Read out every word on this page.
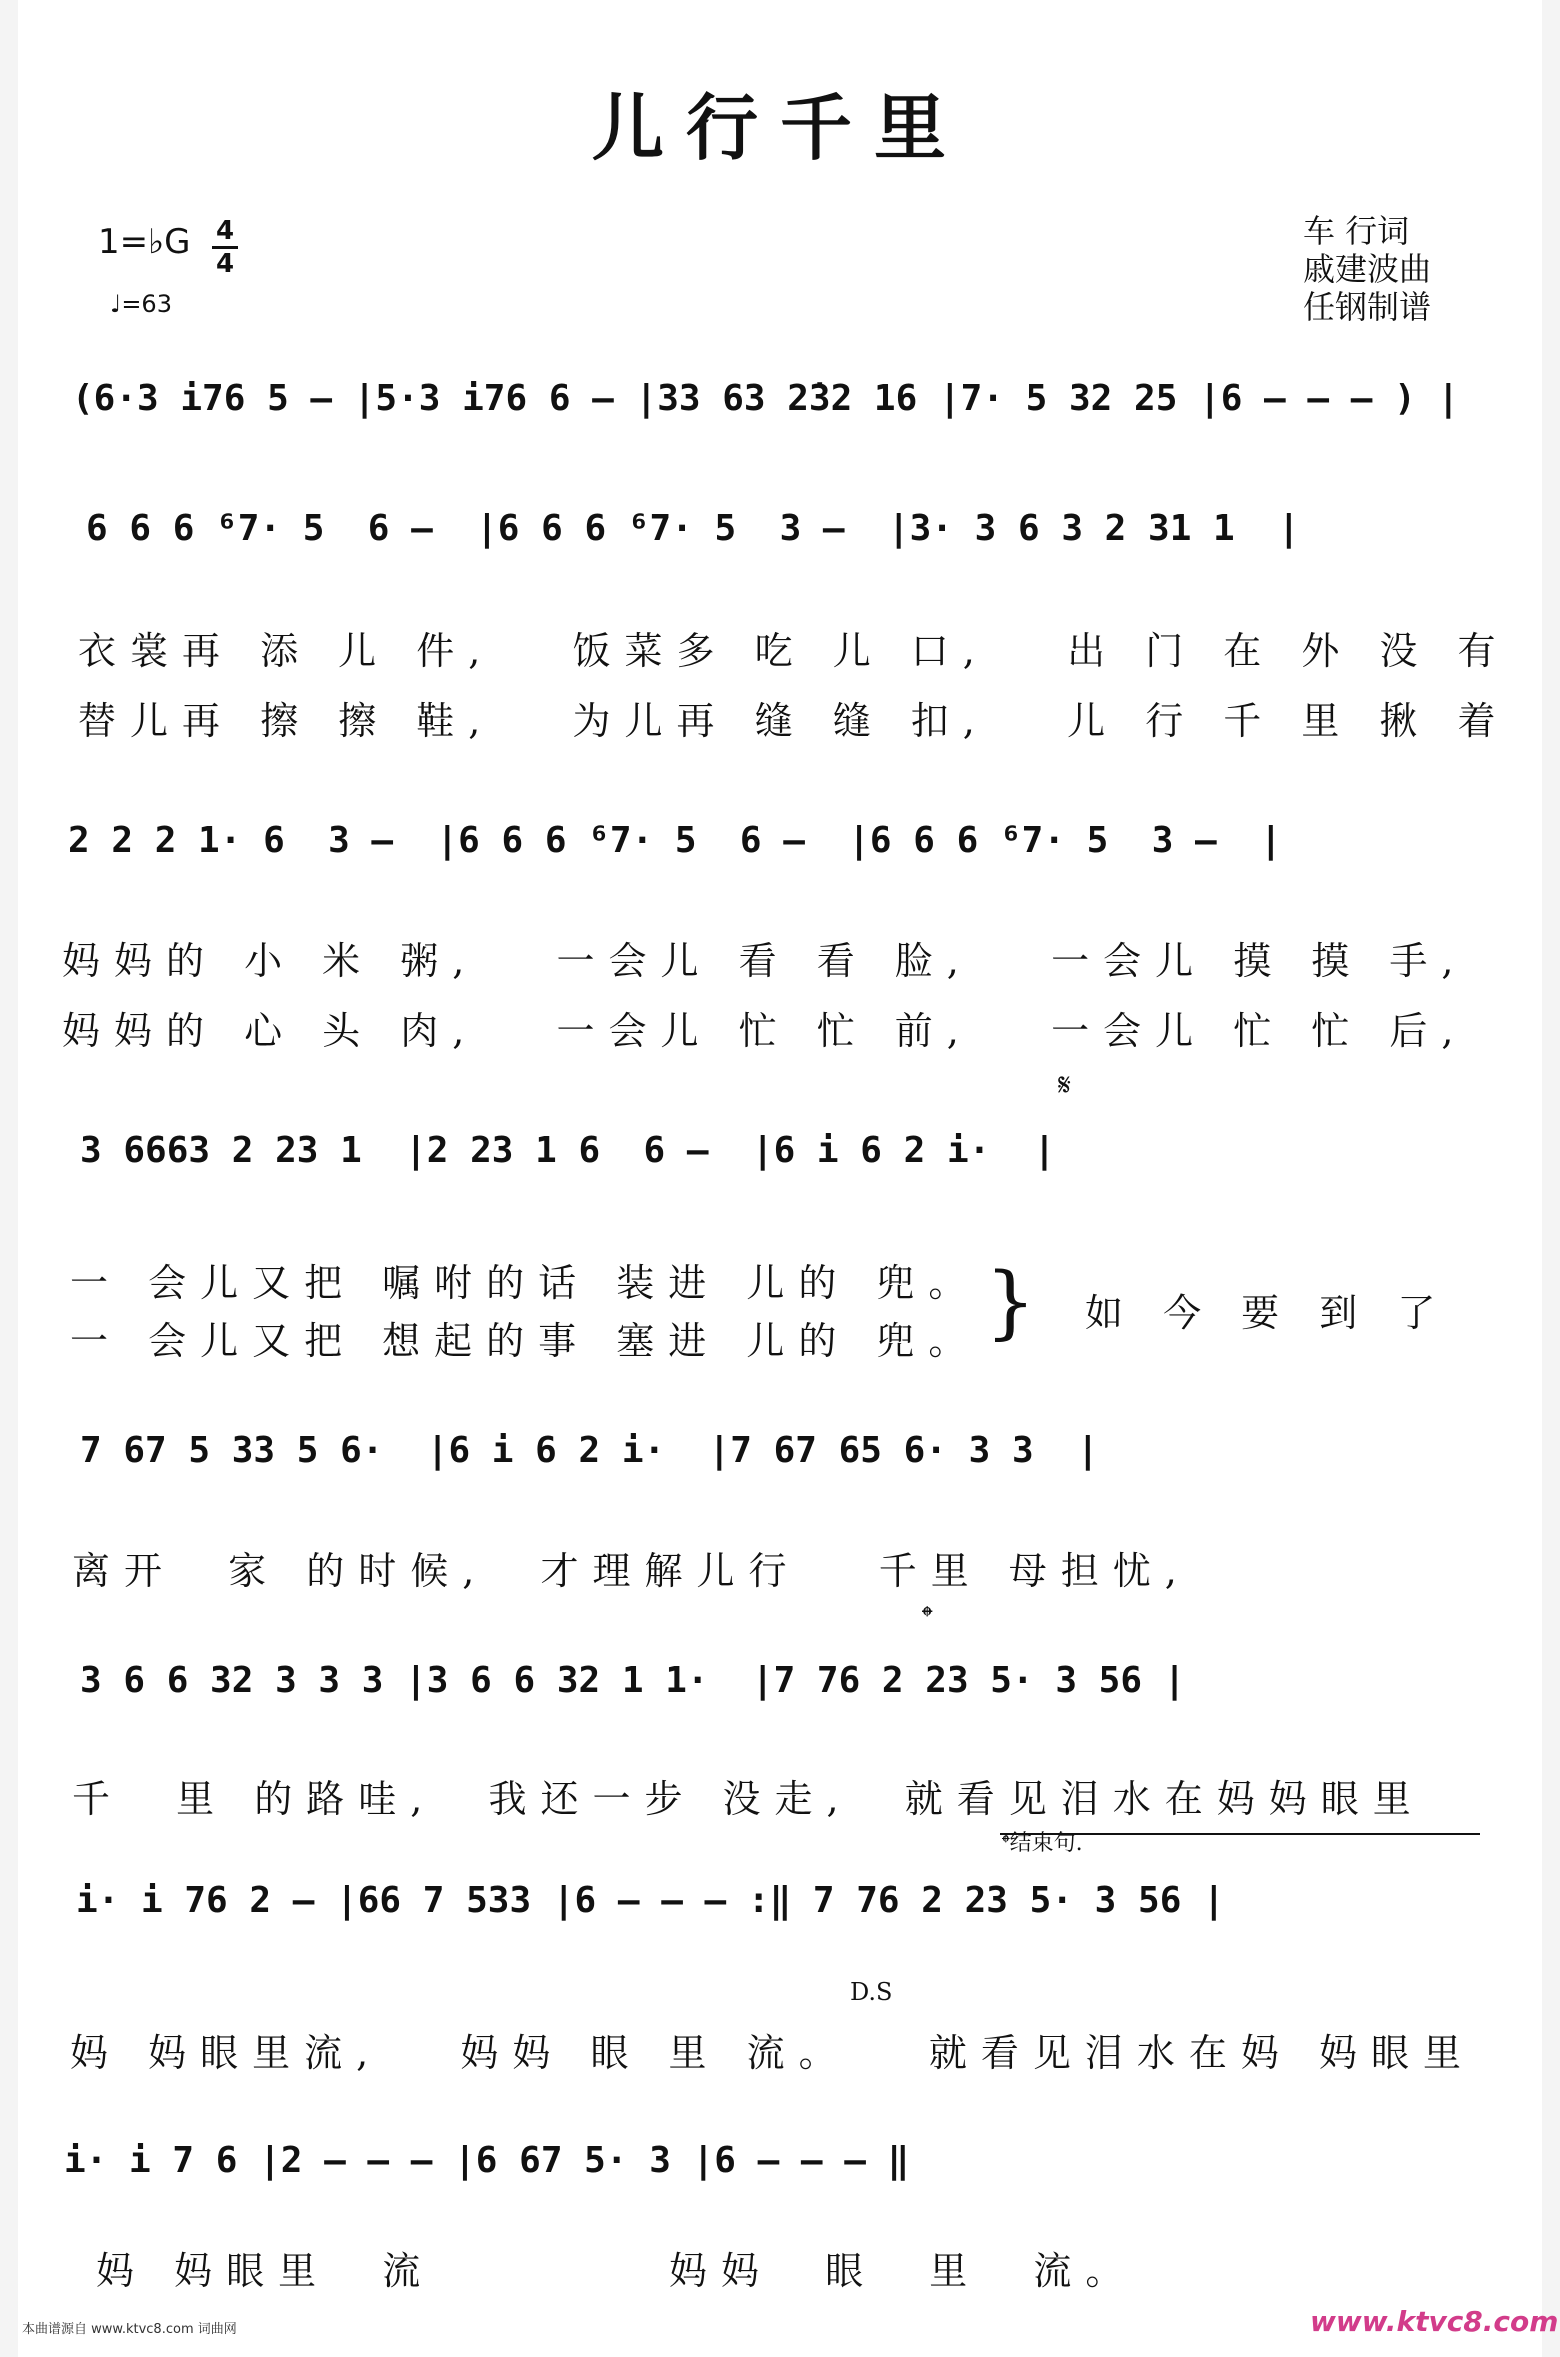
儿行千里
1=♭G 4
4
♩=63
车 行词
戚建波曲
任钢制谱
(6·3 i76 5 – |5·3 i76 6 – |33 63 2̇32 16 |7· 5 32 25 |6 – – – ) |
6 6 6 ⁶7· 5  6 –  |6 6 6 ⁶7· 5  3 –  |3· 3 6 3 2 31 1  |
衣裳再 添 儿 件,   饭菜多 吃 儿 口,   出 门 在 外 没 有
替儿再 擦 擦 鞋,   为儿再 缝 缝 扣,   儿 行 千 里 揪 着
2 2 2 1· 6  3 –  |6 6 6 ⁶7· 5  6 –  |6 6 6 ⁶7· 5  3 –  |
妈妈的 小 米 粥,   一会儿 看 看 脸,   一会儿 摸 摸 手,
妈妈的 心 头 肉,   一会儿 忙 忙 前,   一会儿 忙 忙 后,
𝄋
3 6663 2 23 1  |2 23 1 6  6 –  |6 i 6 2 i·  |
一 会儿又把 嘱咐的话 装进 儿的 兜。
一 会儿又把 想起的事 塞进 儿的 兜。 } 如 今 要 到 了
7 67 5 33 5 6·  |6 i 6 2 i·  |7 67 65 6· 3 3  |
离开  家 的时候,  才理解儿行   千里 母担忧,
𝄌
3 6 6 32 3 3 3 |3 6 6 32 1 1·  |7 76 2 23 5· 3 56 |
千  里 的路哇,  我还一步 没走,  就看见泪水在妈妈眼里
𝄌结束句.
i· i 76 2 – |66 7 533 |6 – – – :‖ 7 76 2 23 5· 3 56 |
D.S
妈 妈眼里流,   妈妈 眼 里 流。   就看见泪水在妈 妈眼里
i· i 7 6 |2 – – – |6 67 5· 3 |6 – – – ‖
妈 妈眼里  流         妈妈  眼  里  流。
本曲谱源自 www.ktvc8.com 词曲网	www.ktvc8.com
